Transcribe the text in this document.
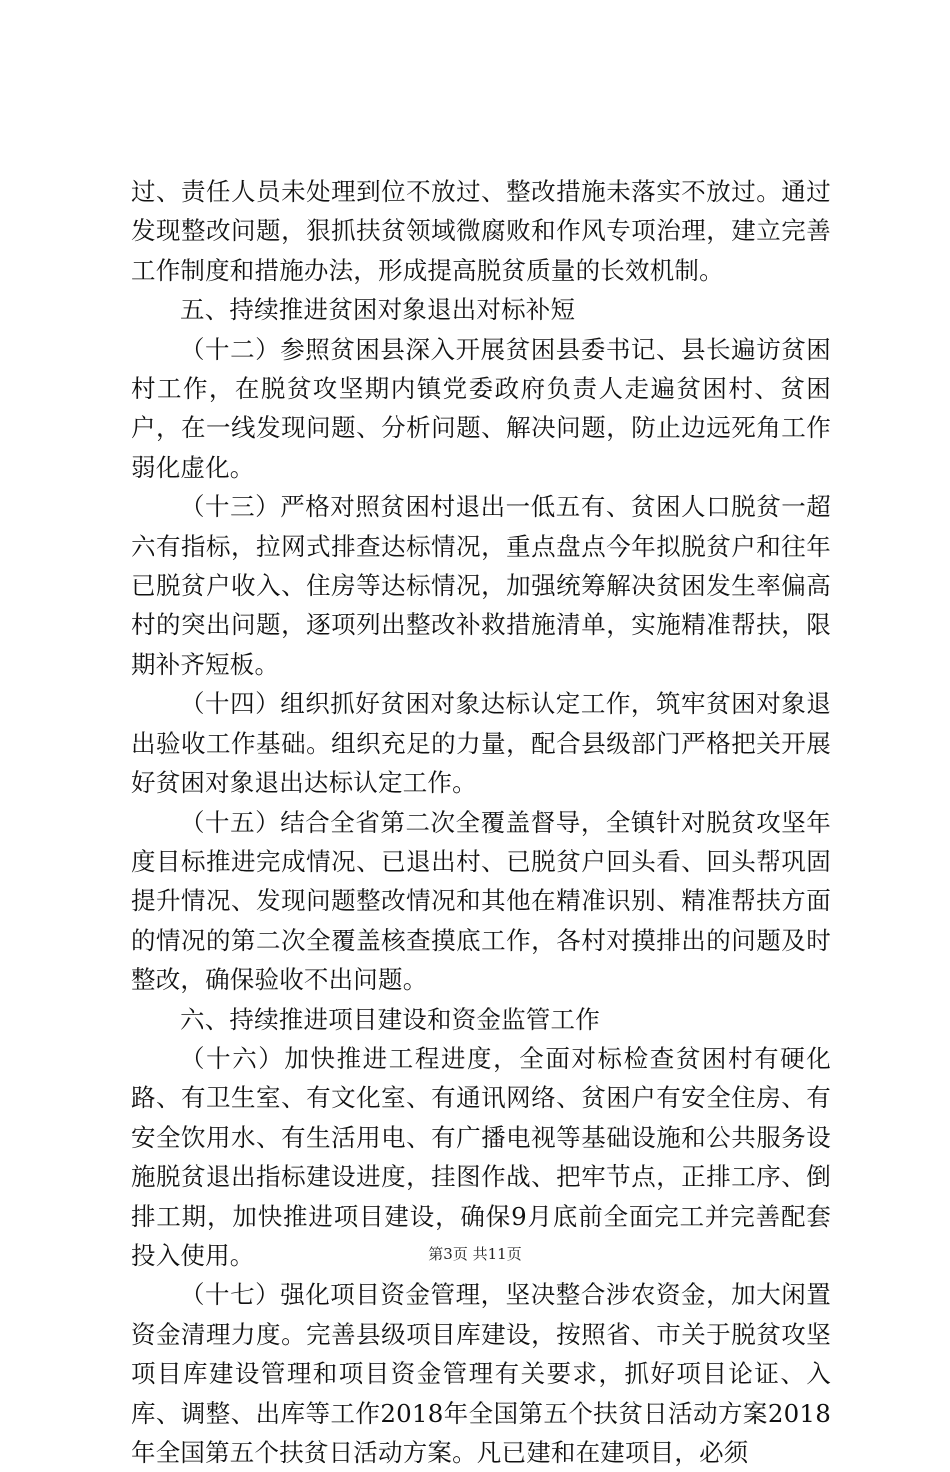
过、责任人员未处理到位不放过、整改措施未落实不放过。通过发现整改问题，狠抓扶贫领域微腐败和作风专项治理，建立完善工作制度和措施办法，形成提高脱贫质量的长效机制。

五、持续推进贫困对象退出对标补短

（十二）参照贫困县深入开展贫困县委书记、县长遍访贫困村工作，在脱贫攻坚期内镇党委政府负责人走遍贫困村、贫困户，在一线发现问题、分析问题、解决问题，防止边远死角工作弱化虚化。

（十三）严格对照贫困村退出一低五有、贫困人口脱贫一超六有指标，拉网式排查达标情况，重点盘点今年拟脱贫户和往年已脱贫户收入、住房等达标情况，加强统筹解决贫困发生率偏高村的突出问题，逐项列出整改补救措施清单，实施精准帮扶，限期补齐短板。

（十四）组织抓好贫困对象达标认定工作，筑牢贫困对象退出验收工作基础。组织充足的力量，配合县级部门严格把关开展好贫困对象退出达标认定工作。

（十五）结合全省第二次全覆盖督导，全镇针对脱贫攻坚年度目标推进完成情况、已退出村、已脱贫户回头看、回头帮巩固提升情况、发现问题整改情况和其他在精准识别、精准帮扶方面的情况的第二次全覆盖核查摸底工作，各村对摸排出的问题及时整改，确保验收不出问题。

六、持续推进项目建设和资金监管工作

（十六）加快推进工程进度，全面对标检查贫困村有硬化路、有卫生室、有文化室、有通讯网络、贫困户有安全住房、有安全饮用水、有生活用电、有广播电视等基础设施和公共服务设施脱贫退出指标建设进度，挂图作战、把牢节点，正排工序、倒排工期，加快推进项目建设，确保9月底前全面完工并完善配套投入使用。

（十七）强化项目资金管理，坚决整合涉农资金，加大闲置资金清理力度。完善县级项目库建设，按照省、市关于脱贫攻坚项目库建设管理和项目资金管理有关要求，抓好项目论证、入库、调整、出库等工作2018年全国第五个扶贫日活动方案2018年全国第五个扶贫日活动方案。凡已建和在建项目，必须

第3页 共11页
